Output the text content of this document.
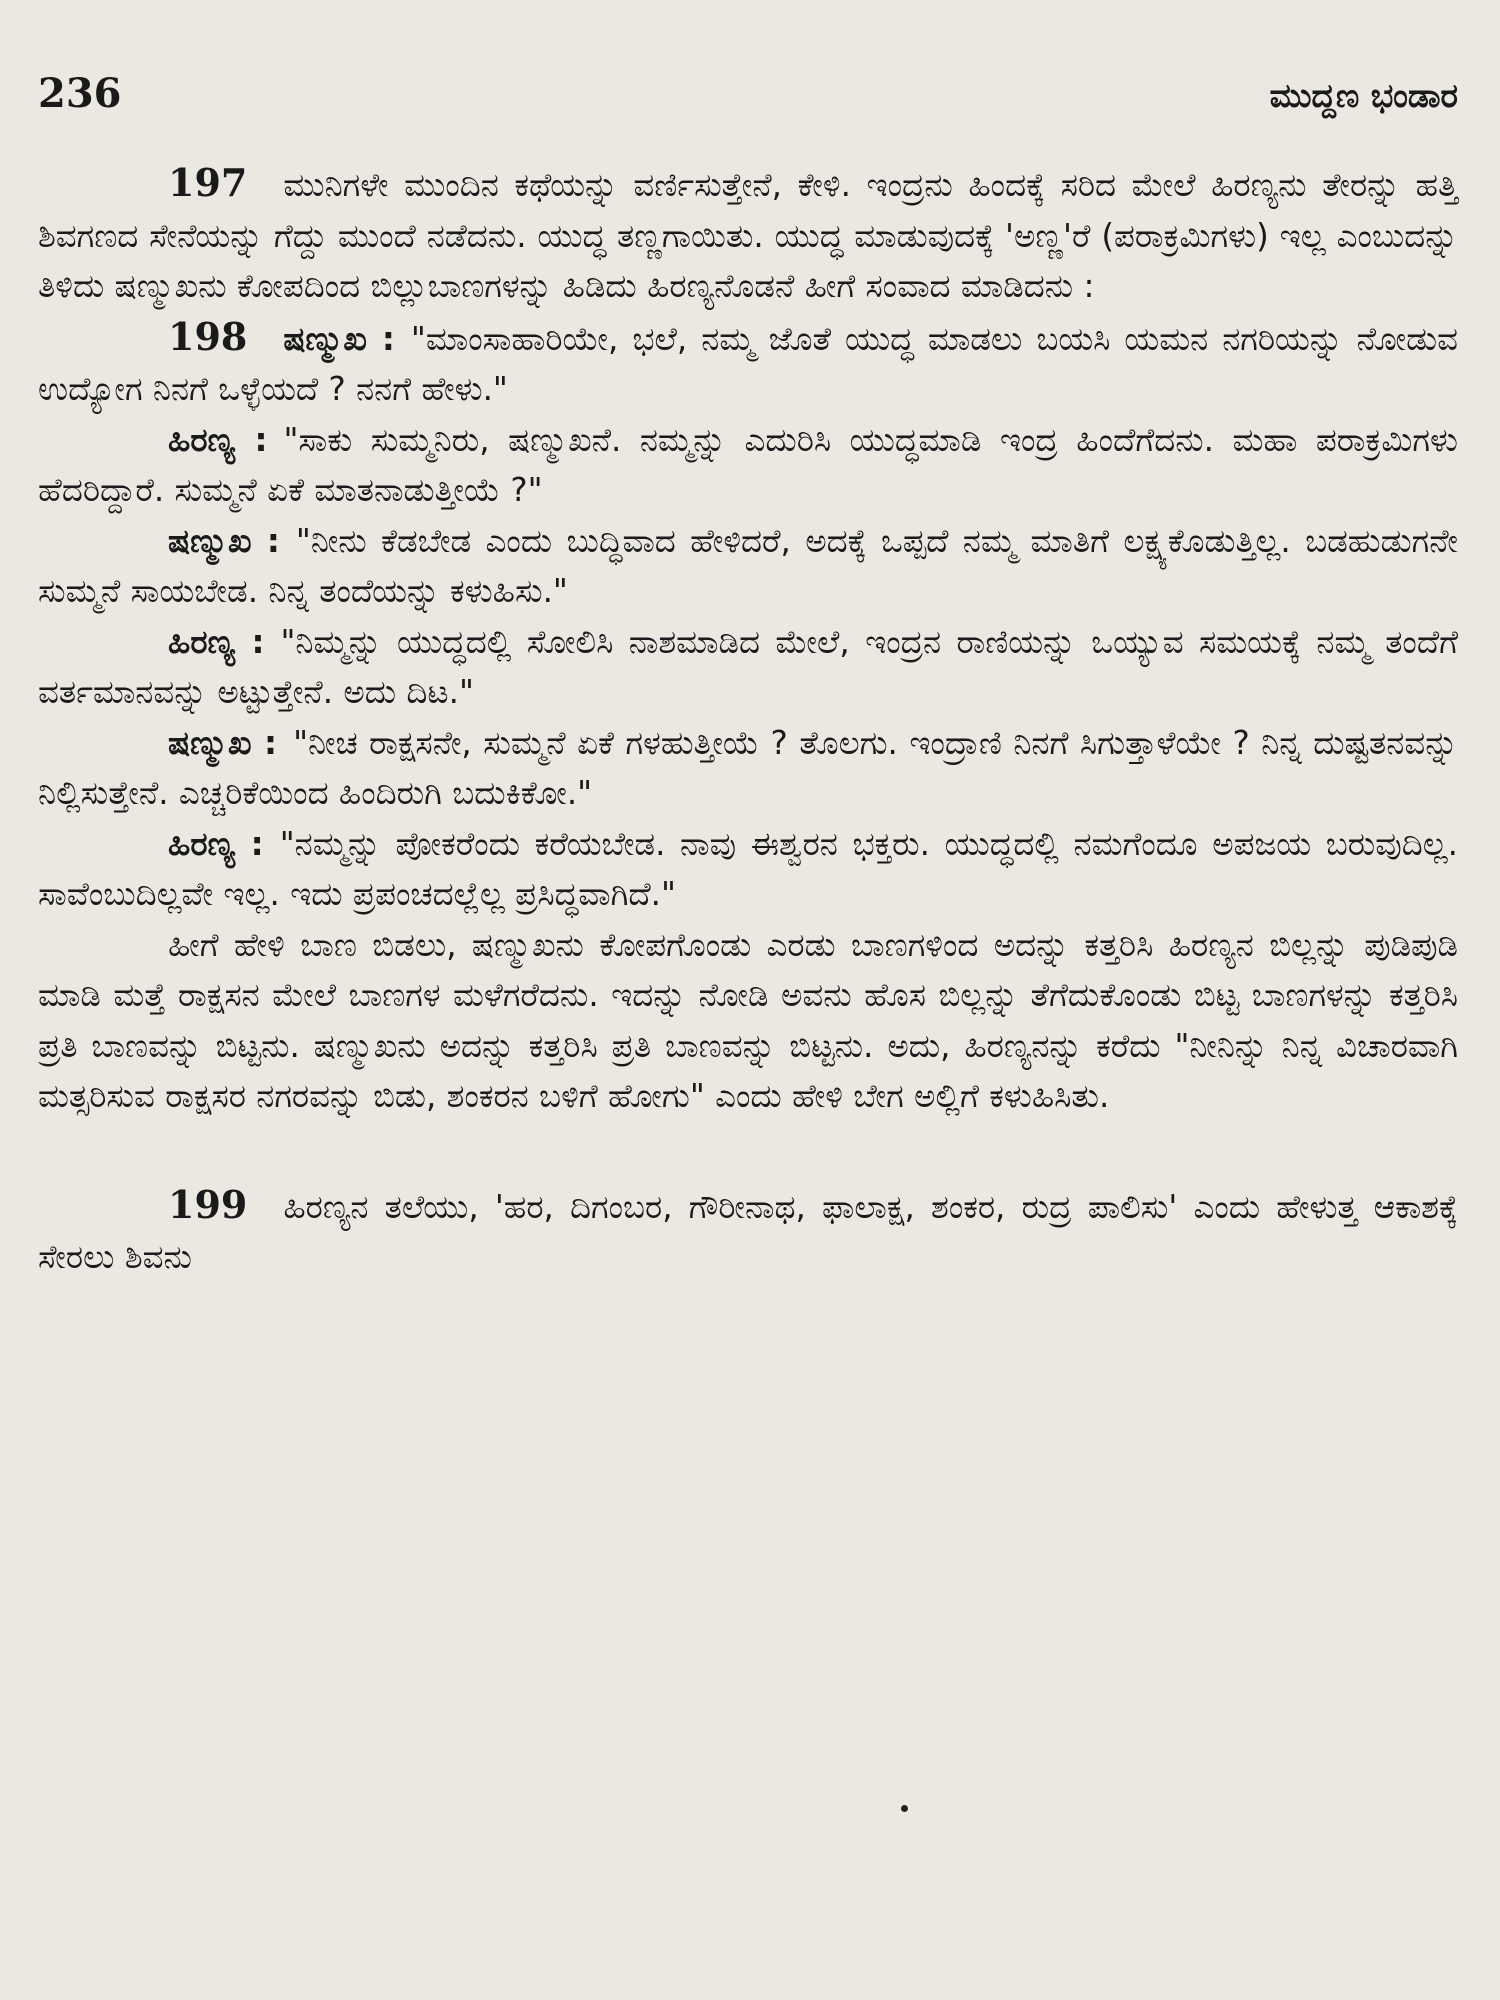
236	ಮುದ್ದಣ ಭಂಡಾರ

197 ಮುನಿಗಳೇ ಮುಂದಿನ ಕಥೆಯನ್ನು ವರ್ಣಿಸುತ್ತೇನೆ, ಕೇಳಿ. ಇಂದ್ರನು ಹಿಂದಕ್ಕೆ ಸರಿದ ಮೇಲೆ ಹಿರಣ್ಯನು ತೇರನ್ನು ಹತ್ತಿ ಶಿವಗಣದ ಸೇನೆಯನ್ನು ಗೆದ್ದು ಮುಂದೆ ನಡೆದನು. ಯುದ್ಧ ತಣ್ಣಗಾಯಿತು. ಯುದ್ಧ ಮಾಡುವುದಕ್ಕೆ 'ಅಣ್ಣ'ರೆ (ಪರಾಕ್ರಮಿಗಳು) ಇಲ್ಲ ಎಂಬುದನ್ನು ತಿಳಿದು ಷಣ್ಮುಖನು ಕೋಪದಿಂದ ಬಿಲ್ಲುಬಾಣಗಳನ್ನು ಹಿಡಿದು ಹಿರಣ್ಯನೊಡನೆ ಹೀಗೆ ಸಂವಾದ ಮಾಡಿದನು :

198 ಷಣ್ಮುಖ : "ಮಾಂಸಾಹಾರಿಯೇ, ಭಲೆ, ನಮ್ಮ ಜೊತೆ ಯುದ್ಧ ಮಾಡಲು ಬಯಸಿ ಯಮನ ನಗರಿಯನ್ನು ನೋಡುವ ಉದ್ಯೋಗ ನಿನಗೆ ಒಳ್ಳೆಯದೆ ? ನನಗೆ ಹೇಳು."

ಹಿರಣ್ಯ : "ಸಾಕು ಸುಮ್ಮನಿರು, ಷಣ್ಮುಖನೆ. ನಮ್ಮನ್ನು ಎದುರಿಸಿ ಯುದ್ಧಮಾಡಿ ಇಂದ್ರ ಹಿಂದೆಗೆದನು. ಮಹಾ ಪರಾಕ್ರಮಿಗಳು ಹೆದರಿದ್ದಾರೆ. ಸುಮ್ಮನೆ ಏಕೆ ಮಾತನಾಡುತ್ತೀಯೆ ?"

ಷಣ್ಮುಖ : "ನೀನು ಕೆಡಬೇಡ ಎಂದು ಬುದ್ಧಿವಾದ ಹೇಳಿದರೆ, ಅದಕ್ಕೆ ಒಪ್ಪದೆ ನಮ್ಮ ಮಾತಿಗೆ ಲಕ್ಷ್ಯಕೊಡುತ್ತಿಲ್ಲ. ಬಡಹುಡುಗನೇ ಸುಮ್ಮನೆ ಸಾಯಬೇಡ. ನಿನ್ನ ತಂದೆಯನ್ನು ಕಳುಹಿಸು."

ಹಿರಣ್ಯ : "ನಿಮ್ಮನ್ನು ಯುದ್ಧದಲ್ಲಿ ಸೋಲಿಸಿ ನಾಶಮಾಡಿದ ಮೇಲೆ, ಇಂದ್ರನ ರಾಣಿಯನ್ನು ಒಯ್ಯುವ ಸಮಯಕ್ಕೆ ನಮ್ಮ ತಂದೆಗೆ ವರ್ತಮಾನವನ್ನು ಅಟ್ಟುತ್ತೇನೆ. ಅದು ದಿಟ."

ಷಣ್ಮುಖ : "ನೀಚ ರಾಕ್ಷಸನೇ, ಸುಮ್ಮನೆ ಏಕೆ ಗಳಹುತ್ತೀಯೆ ? ತೊಲಗು. ಇಂದ್ರಾಣಿ ನಿನಗೆ ಸಿಗುತ್ತಾಳೆಯೇ ? ನಿನ್ನ ದುಷ್ಟತನವನ್ನು ನಿಲ್ಲಿಸುತ್ತೇನೆ. ಎಚ್ಚರಿಕೆಯಿಂದ ಹಿಂದಿರುಗಿ ಬದುಕಿಕೋ."

ಹಿರಣ್ಯ : "ನಮ್ಮನ್ನು ಪೋಕರೆಂದು ಕರೆಯಬೇಡ. ನಾವು ಈಶ್ವರನ ಭಕ್ತರು. ಯುದ್ಧದಲ್ಲಿ ನಮಗೆಂದೂ ಅಪಜಯ ಬರುವುದಿಲ್ಲ. ಸಾವೆಂಬುದಿಲ್ಲವೇ ಇಲ್ಲ. ಇದು ಪ್ರಪಂಚದಲ್ಲೆಲ್ಲ ಪ್ರಸಿದ್ಧವಾಗಿದೆ."

ಹೀಗೆ ಹೇಳಿ ಬಾಣ ಬಿಡಲು, ಷಣ್ಮುಖನು ಕೋಪಗೊಂಡು ಎರಡು ಬಾಣಗಳಿಂದ ಅದನ್ನು ಕತ್ತರಿಸಿ ಹಿರಣ್ಯನ ಬಿಲ್ಲನ್ನು ಪುಡಿಪುಡಿ ಮಾಡಿ ಮತ್ತೆ ರಾಕ್ಷಸನ ಮೇಲೆ ಬಾಣಗಳ ಮಳೆಗರೆದನು. ಇದನ್ನು ನೋಡಿ ಅವನು ಹೊಸ ಬಿಲ್ಲನ್ನು ತೆಗೆದುಕೊಂಡು ಬಿಟ್ಟ ಬಾಣಗಳನ್ನು ಕತ್ತರಿಸಿ ಪ್ರತಿ ಬಾಣವನ್ನು ಬಿಟ್ಟನು. ಷಣ್ಮುಖನು ಅದನ್ನು ಕತ್ತರಿಸಿ ಪ್ರತಿ ಬಾಣವನ್ನು ಬಿಟ್ಟನು. ಅದು, ಹಿರಣ್ಯನನ್ನು ಕರೆದು "ನೀನಿನ್ನು ನಿನ್ನ ವಿಚಾರವಾಗಿ ಮತ್ಸರಿಸುವ ರಾಕ್ಷಸರ ನಗರವನ್ನು ಬಿಡು, ಶಂಕರನ ಬಳಿಗೆ ಹೋಗು" ಎಂದು ಹೇಳಿ ಬೇಗ ಅಲ್ಲಿಗೆ ಕಳುಹಿಸಿತು.

199 ಹಿರಣ್ಯನ ತಲೆಯು, 'ಹರ, ದಿಗಂಬರ, ಗೌರೀನಾಥ, ಫಾಲಾಕ್ಷ, ಶಂಕರ, ರುದ್ರ ಪಾಲಿಸು' ಎಂದು ಹೇಳುತ್ತ ಆಕಾಶಕ್ಕೆ ಸೇರಲು ಶಿವನು
